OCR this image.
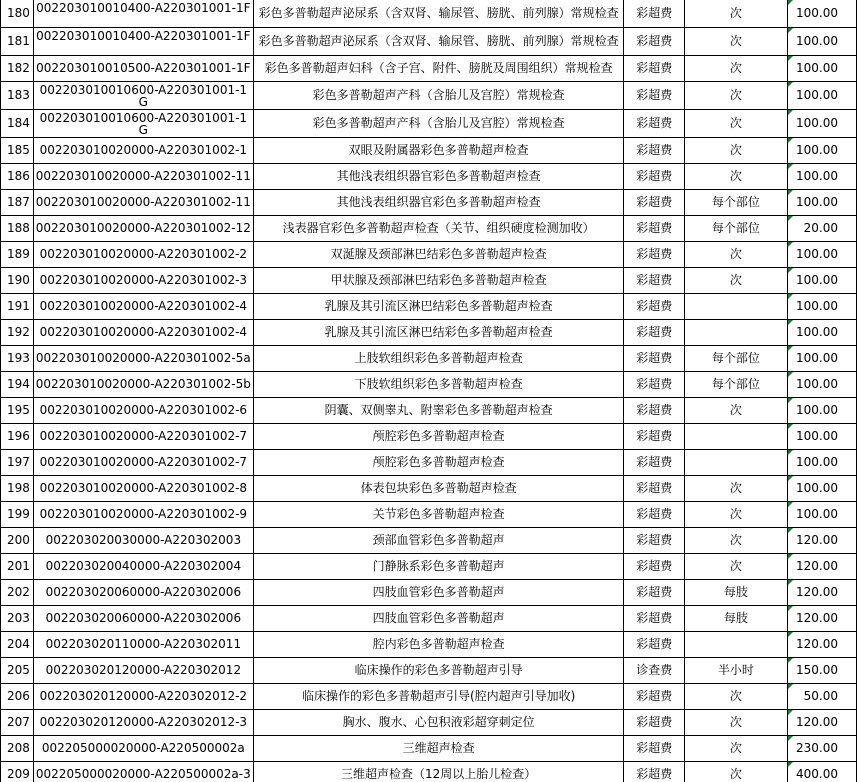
180	002203010010400-A220301001-1F	彩色多普勒超声泌尿系（含双肾、输尿管、膀胱、前列腺）常规检查	彩超费	次	100.00
181	002203010010400-A220301001-1F	彩色多普勒超声泌尿系（含双肾、输尿管、膀胱、前列腺）常规检查	彩超费	次	100.00
182	002203010010500-A220301001-1F	彩色多普勒超声妇科（含子宫、附件、膀胱及周围组织）常规检查	彩超费	次	100.00
183	002203010010600-A220301001-1G	彩色多普勒超声产科（含胎儿及宫腔）常规检查	彩超费	次	100.00
184	002203010010600-A220301001-1G	彩色多普勒超声产科（含胎儿及宫腔）常规检查	彩超费	次	100.00
185	002203010020000-A220301002-1	双眼及附属器彩色多普勒超声检查	彩超费	次	100.00
186	002203010020000-A220301002-11	其他浅表组织器官彩色多普勒超声检查	彩超费	次	100.00
187	002203010020000-A220301002-11	其他浅表组织器官彩色多普勒超声检查	彩超费	每个部位	100.00
188	002203010020000-A220301002-12	浅表器官彩色多普勒超声检查（关节、组织硬度检测加收）	彩超费	每个部位	20.00
189	002203010020000-A220301002-2	双涎腺及颈部淋巴结彩色多普勒超声检查	彩超费	次	100.00
190	002203010020000-A220301002-3	甲状腺及颈部淋巴结彩色多普勒超声检查	彩超费	次	100.00
191	002203010020000-A220301002-4	乳腺及其引流区淋巴结彩色多普勒超声检查	彩超费		100.00
192	002203010020000-A220301002-4	乳腺及其引流区淋巴结彩色多普勒超声检查	彩超费		100.00
193	002203010020000-A220301002-5a	上肢软组织彩色多普勒超声检查	彩超费	每个部位	100.00
194	002203010020000-A220301002-5b	下肢软组织彩色多普勒超声检查	彩超费	每个部位	100.00
195	002203010020000-A220301002-6	阴囊、双侧睾丸、附睾彩色多普勒超声检查	彩超费	次	100.00
196	002203010020000-A220301002-7	颅腔彩色多普勒超声检查	彩超费		100.00
197	002203010020000-A220301002-7	颅腔彩色多普勒超声检查	彩超费		100.00
198	002203010020000-A220301002-8	体表包块彩色多普勒超声检查	彩超费	次	100.00
199	002203010020000-A220301002-9	关节彩色多普勒超声检查	彩超费	次	100.00
200	002203020030000-A220302003	颈部血管彩色多普勒超声	彩超费	次	120.00
201	002203020040000-A220302004	门静脉系彩色多普勒超声	彩超费	次	120.00
202	002203020060000-A220302006	四肢血管彩色多普勒超声	彩超费	每肢	120.00
203	002203020060000-A220302006	四肢血管彩色多普勒超声	彩超费	每肢	120.00
204	002203020110000-A220302011	腔内彩色多普勒超声检查	彩超费		120.00
205	002203020120000-A220302012	临床操作的彩色多普勒超声引导	诊查费	半小时	150.00
206	002203020120000-A220302012-2	临床操作的彩色多普勒超声引导(腔内超声引导加收)	彩超费	次	50.00
207	002203020120000-A220302012-3	胸水、腹水、心包积液彩超穿刺定位	彩超费	次	120.00
208	002205000020000-A220500002a	三维超声检查	彩超费	次	230.00
209	002205000020000-A220500002a-3	三维超声检查（12周以上胎儿检查）	彩超费	次	400.00
